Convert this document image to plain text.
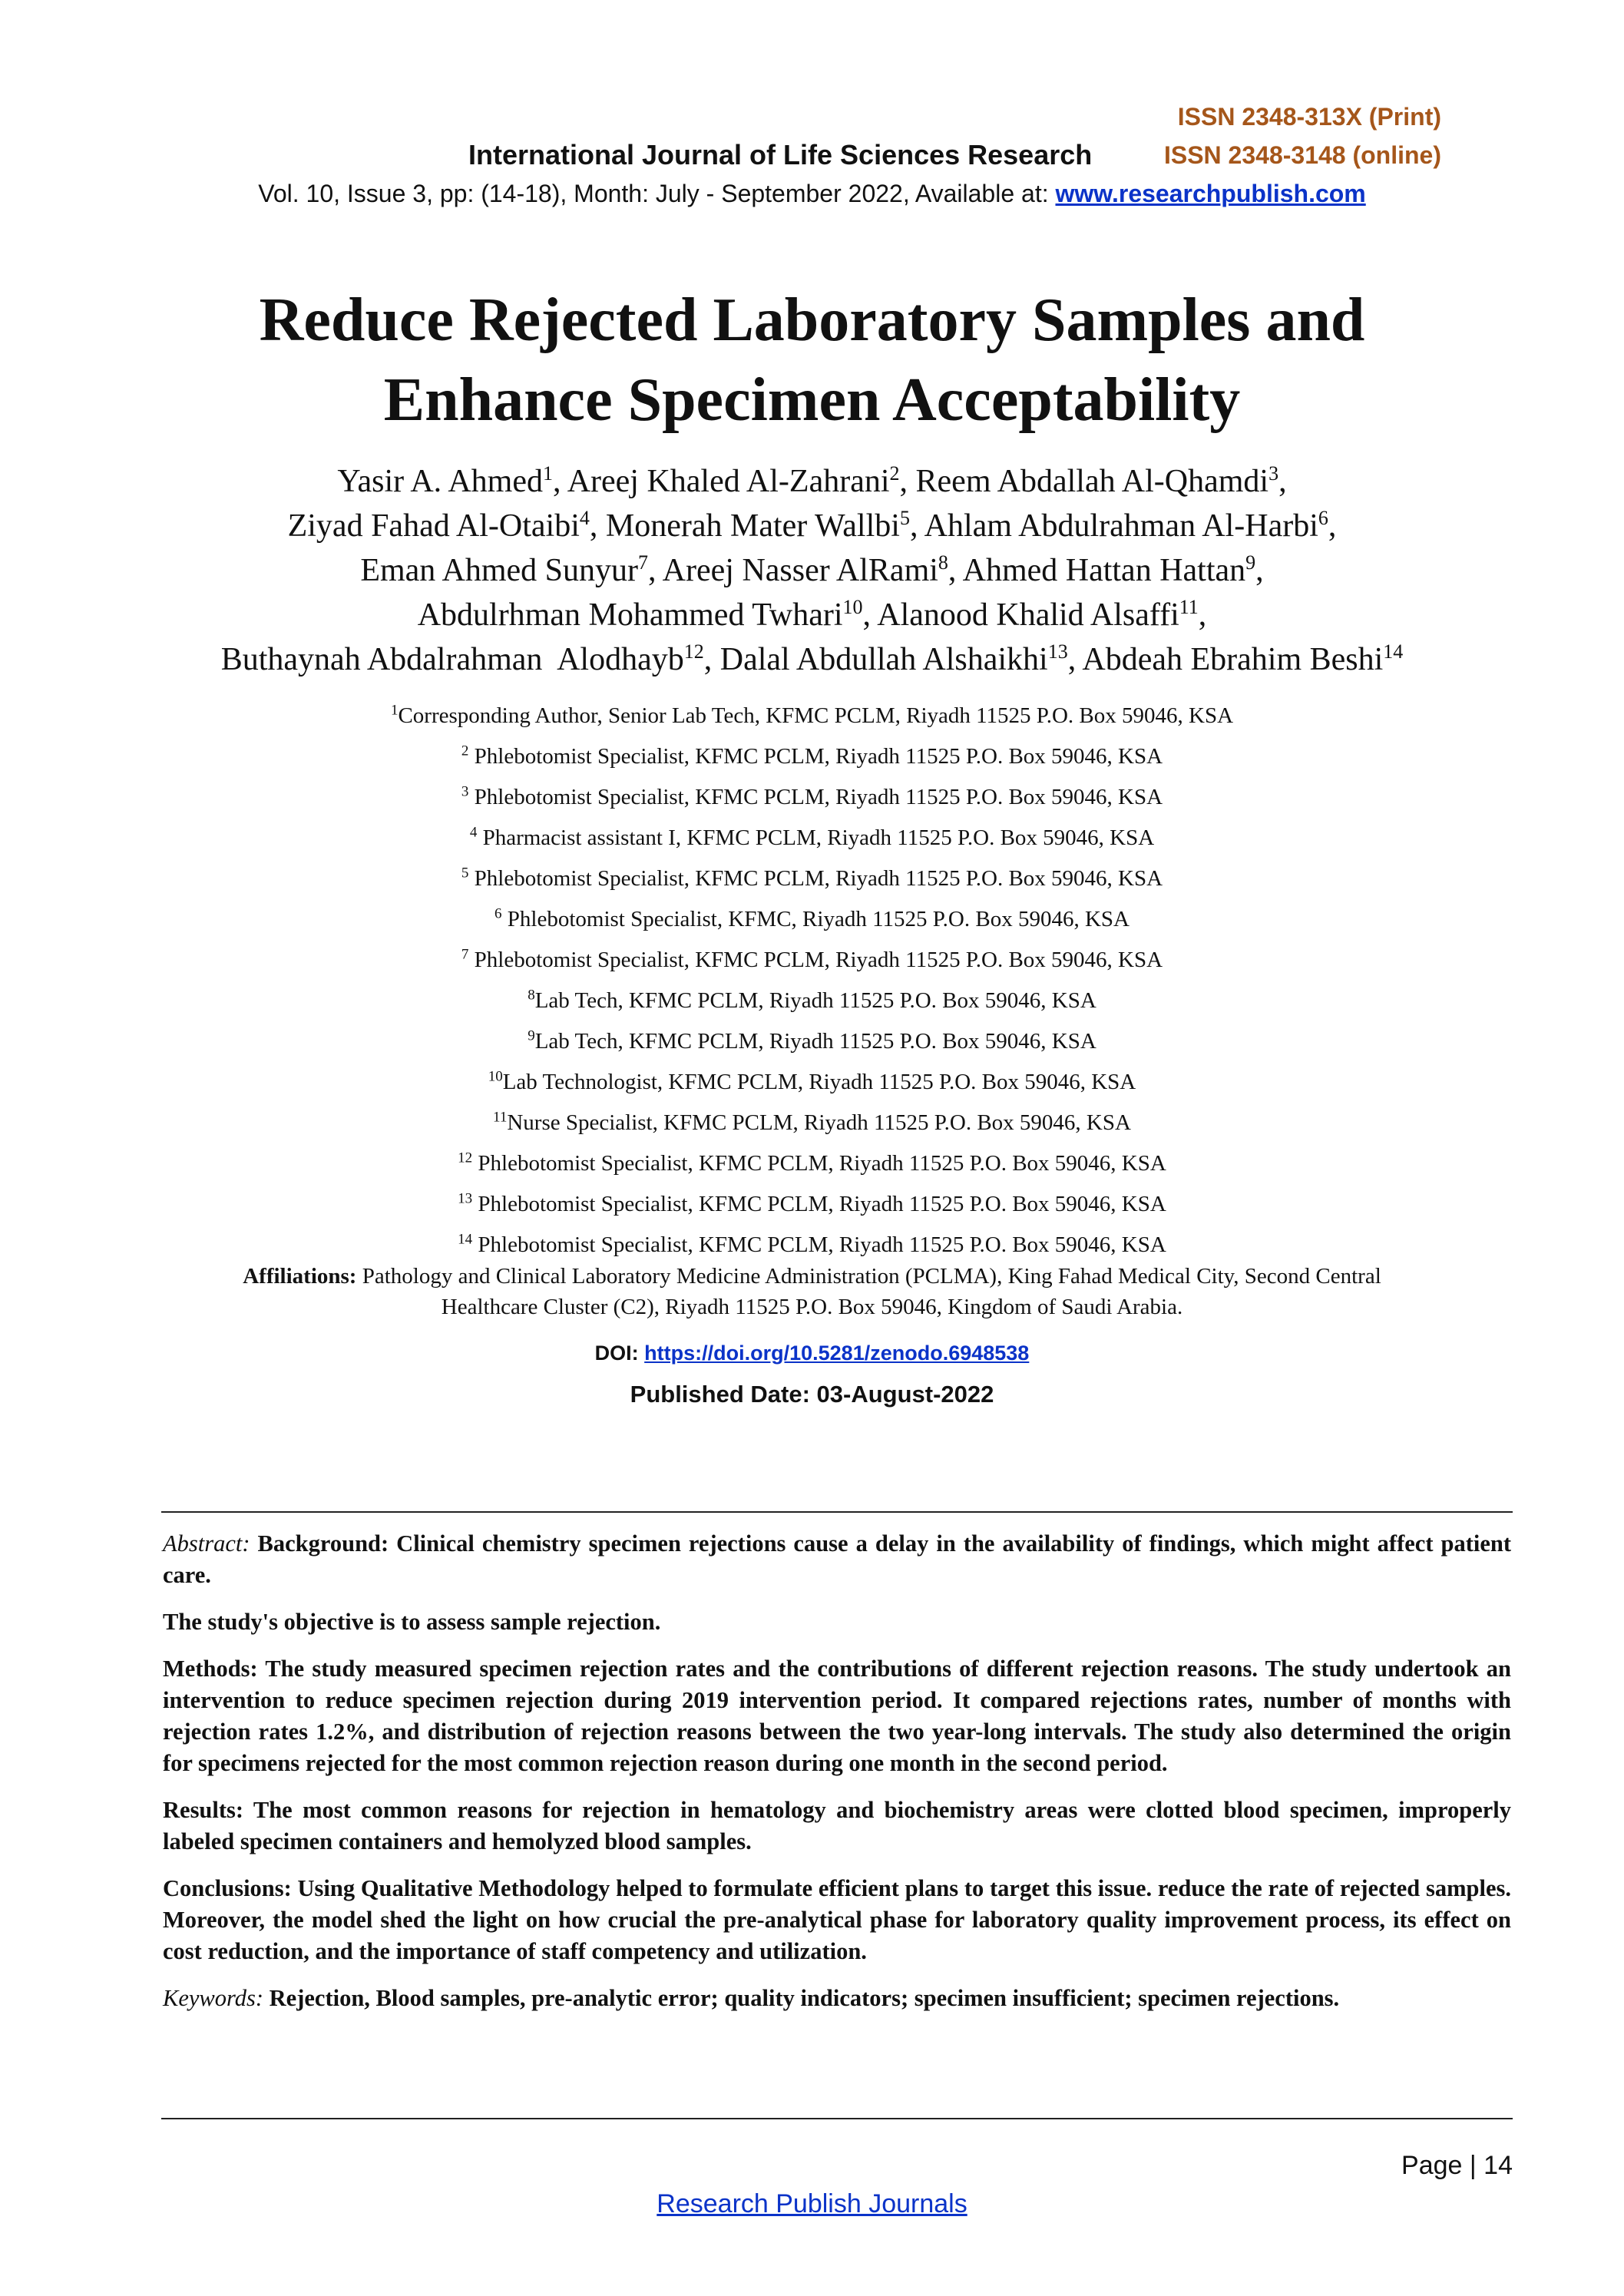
ISSN 2348-313X (Print)
International Journal of Life Sciences Research	ISSN 2348-3148 (online)
Vol. 10, Issue 3, pp: (14-18), Month: July - September 2022, Available at: www.researchpublish.com
Reduce Rejected Laboratory Samples and
Enhance Specimen Acceptability
Yasir A. Ahmed$^1$, Areej Khaled Al-Zahrani$^2$, Reem Abdallah Al-Qhamdi$^3$,
Ziyad Fahad Al-Otaibi$^4$, Monerah Mater Wallbi$^5$, Ahlam Abdulrahman Al-Harbi$^6$,
Eman Ahmed Sunyur$^7$, Areej Nasser AlRami$^8$, Ahmed Hattan Hattan$^9$,
Abdulrhman Mohammed Twhari$^{10}$, Alanood Khalid Alsaffi$^{11}$,
Buthaynah Abdalrahman  Alodhayb$^{12}$, Dalal Abdullah Alshaikhi$^{13}$, Abdeah Ebrahim Beshi$^{14}$
$^1$Corresponding Author, Senior Lab Tech, KFMC PCLM, Riyadh 11525 P.O. Box 59046, KSA
$^2$ Phlebotomist Specialist, KFMC PCLM, Riyadh 11525 P.O. Box 59046, KSA
$^3$ Phlebotomist Specialist, KFMC PCLM, Riyadh 11525 P.O. Box 59046, KSA
$^4$ Pharmacist assistant I, KFMC PCLM, Riyadh 11525 P.O. Box 59046, KSA
$^5$ Phlebotomist Specialist, KFMC PCLM, Riyadh 11525 P.O. Box 59046, KSA
$^6$ Phlebotomist Specialist, KFMC, Riyadh 11525 P.O. Box 59046, KSA
$^7$ Phlebotomist Specialist, KFMC PCLM, Riyadh 11525 P.O. Box 59046, KSA
$^8$Lab Tech, KFMC PCLM, Riyadh 11525 P.O. Box 59046, KSA
$^9$Lab Tech, KFMC PCLM, Riyadh 11525 P.O. Box 59046, KSA
$^{10}$Lab Technologist, KFMC PCLM, Riyadh 11525 P.O. Box 59046, KSA
$^{11}$Nurse Specialist, KFMC PCLM, Riyadh 11525 P.O. Box 59046, KSA
$^{12}$ Phlebotomist Specialist, KFMC PCLM, Riyadh 11525 P.O. Box 59046, KSA
$^{13}$ Phlebotomist Specialist, KFMC PCLM, Riyadh 11525 P.O. Box 59046, KSA
$^{14}$ Phlebotomist Specialist, KFMC PCLM, Riyadh 11525 P.O. Box 59046, KSA
Affiliations: Pathology and Clinical Laboratory Medicine Administration (PCLMA), King Fahad Medical City, Second Central
Healthcare Cluster (C2), Riyadh 11525 P.O. Box 59046, Kingdom of Saudi Arabia.
DOI: https://doi.org/10.5281/zenodo.6948538
Published Date: 03-August-2022

Abstract: Background: Clinical chemistry specimen rejections cause a delay in the availability of findings, which might affect patient care.

The study's objective is to assess sample rejection.

Methods: The study measured specimen rejection rates and the contributions of different rejection reasons. The study undertook an intervention to reduce specimen rejection during 2019 intervention period. It compared rejections rates, number of months with rejection rates 1.2%, and distribution of rejection reasons between the two year-long intervals. The study also determined the origin for specimens rejected for the most common rejection reason during one month in the second period.

Results: The most common reasons for rejection in hematology and biochemistry areas were clotted blood specimen, improperly labeled specimen containers and hemolyzed blood samples.

Conclusions: Using Qualitative Methodology helped to formulate efficient plans to target this issue. reduce the rate of rejected samples. Moreover, the model shed the light on how crucial the pre-analytical phase for laboratory quality improvement process, its effect on cost reduction, and the importance of staff competency and utilization.

Keywords: Rejection, Blood samples, pre-analytic error; quality indicators; specimen insufficient; specimen rejections.

Page | 14
Research Publish Journals
